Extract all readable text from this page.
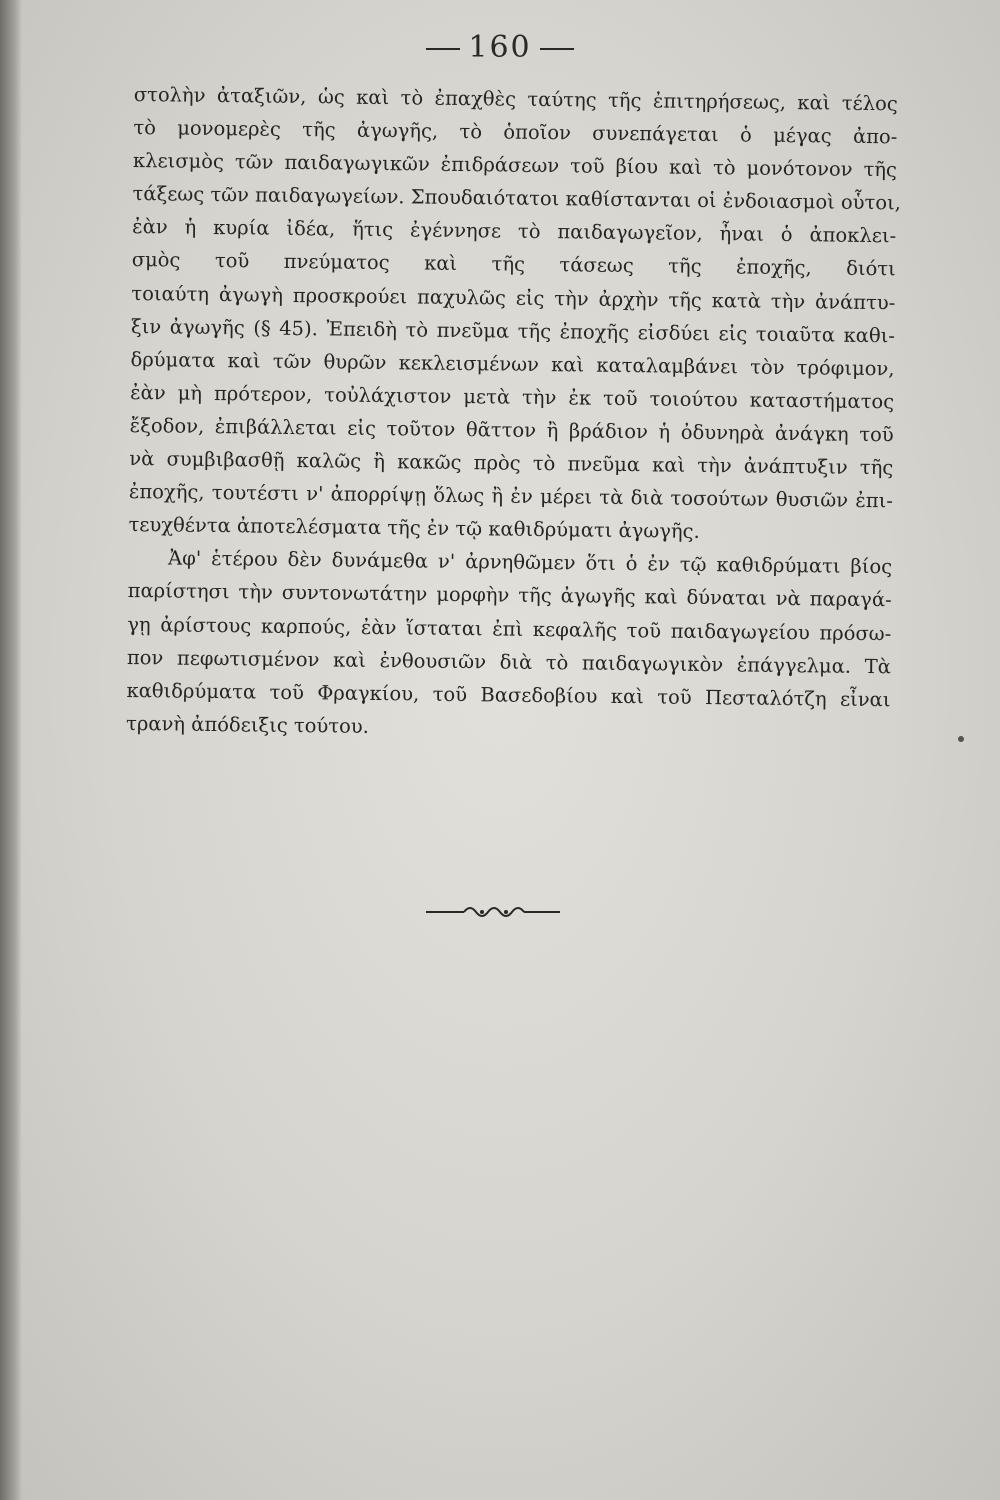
160
στολὴν ἀταξιῶν, ὡς καὶ τὸ ἐπαχθὲς ταύτης τῆς ἐπιτηρήσεως, καὶ τέλος
τὸ μονομερὲς τῆς ἀγωγῆς, τὸ ὁποῖον συνεπάγεται ὁ μέγας ἀπο-
κλεισμὸς τῶν παιδαγωγικῶν ἐπιδράσεων τοῦ βίου καὶ τὸ μονότονον τῆς
τάξεως τῶν παιδαγωγείων. Σπουδαιότατοι καθίστανται οἱ ἐνδοιασμοὶ οὗτοι,
ἐὰν ἡ κυρία ἰδέα, ἥτις ἐγέννησε τὸ παιδαγωγεῖον, ἦναι ὁ ἀποκλει-
σμὸς τοῦ πνεύματος καὶ τῆς τάσεως τῆς ἐποχῆς, διότι
τοιαύτη ἀγωγὴ προσκρούει παχυλῶς εἰς τὴν ἀρχὴν τῆς κατὰ τὴν ἀνάπτυ-
ξιν ἀγωγῆς (§ 45). Ἐπειδὴ τὸ πνεῦμα τῆς ἐποχῆς εἰσδύει εἰς τοιαῦτα καθι-
δρύματα καὶ τῶν θυρῶν κεκλεισμένων καὶ καταλαμβάνει τὸν τρόφιμον,
ἐὰν μὴ πρότερον, τοὐλάχιστον μετὰ τὴν ἐκ τοῦ τοιούτου καταστήματος
ἔξοδον, ἐπιβάλλεται εἰς τοῦτον θᾶττον ἢ βράδιον ἡ ὀδυνηρὰ ἀνάγκη τοῦ
νὰ συμβιβασθῇ καλῶς ἢ κακῶς πρὸς τὸ πνεῦμα καὶ τὴν ἀνάπτυξιν τῆς
ἐποχῆς, τουτέστι ν' ἀπορρίψῃ ὅλως ἢ ἐν μέρει τὰ διὰ τοσούτων θυσιῶν ἐπι-
τευχθέντα ἀποτελέσματα τῆς ἐν τῷ καθιδρύματι ἀγωγῆς.
Ἀφ' ἑτέρου δὲν δυνάμεθα ν' ἀρνηθῶμεν ὅτι ὁ ἐν τῷ καθιδρύματι βίος
παρίστησι τὴν συντονωτάτην μορφὴν τῆς ἀγωγῆς καὶ δύναται νὰ παραγά-
γῃ ἀρίστους καρπούς, ἐὰν ἵσταται ἐπὶ κεφαλῆς τοῦ παιδαγωγείου πρόσω-
πον πεφωτισμένον καὶ ἐνθουσιῶν διὰ τὸ παιδαγωγικὸν ἐπάγγελμα. Τὰ
καθιδρύματα τοῦ Φραγκίου, τοῦ Βασεδοβίου καὶ τοῦ Πεσταλότζη εἶναι
τρανὴ ἀπόδειξις τούτου.
